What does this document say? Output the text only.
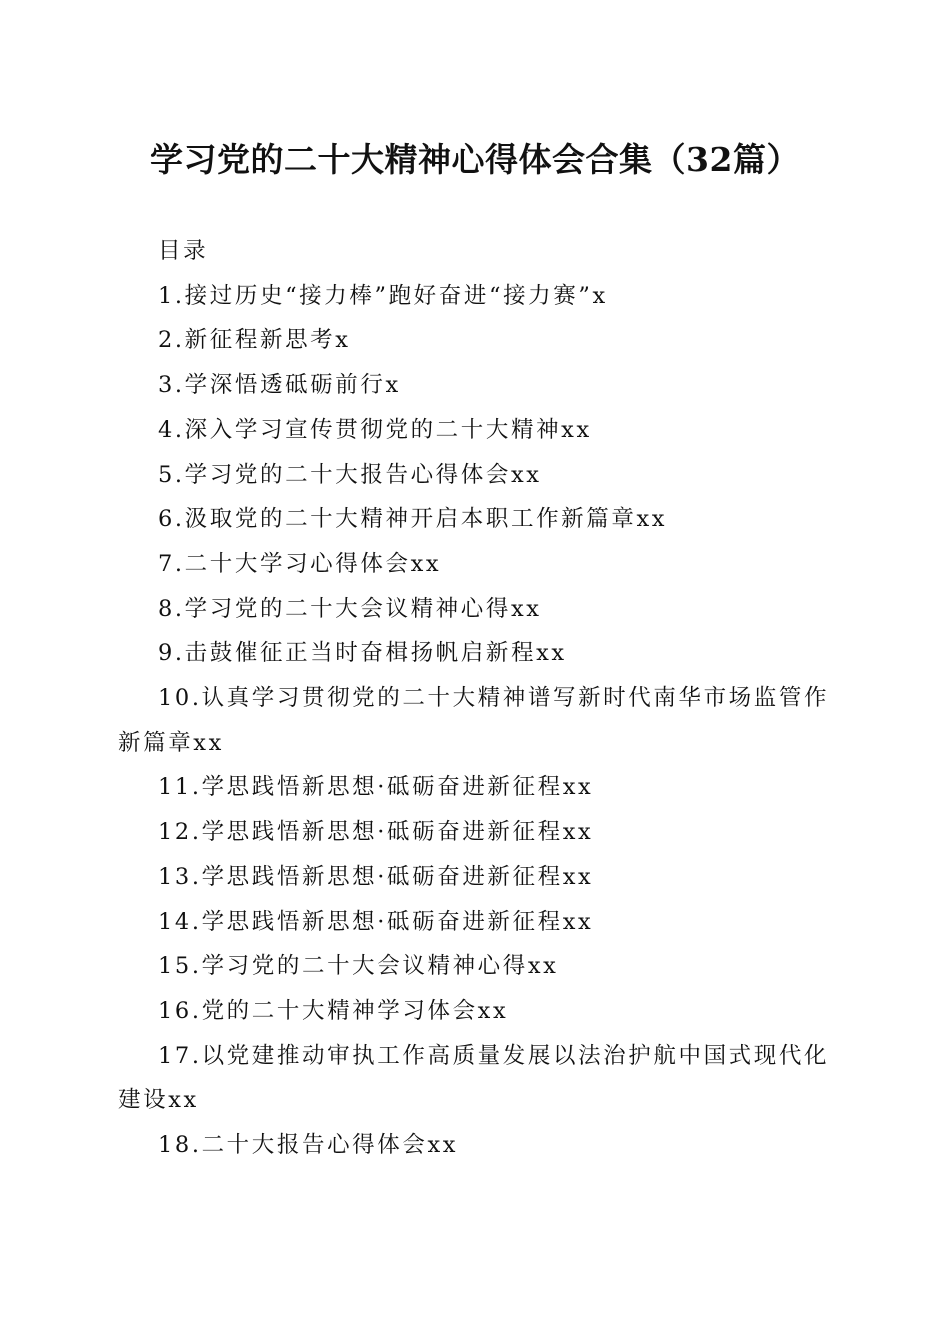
学习党的二十大精神心得体会合集（32篇）

目录

1.接过历史“接力棒”跑好奋进“接力赛”x

2.新征程新思考x

3.学深悟透砥砺前行x

4.深入学习宣传贯彻党的二十大精神xx

5.学习党的二十大报告心得体会xx

6.汲取党的二十大精神开启本职工作新篇章xx

7.二十大学习心得体会xx

8.学习党的二十大会议精神心得xx

9.击鼓催征正当时奋楫扬帆启新程xx

10.认真学习贯彻党的二十大精神谱写新时代南华市场监管作新篇章xx

11.学思践悟新思想·砥砺奋进新征程xx

12.学思践悟新思想·砥砺奋进新征程xx

13.学思践悟新思想·砥砺奋进新征程xx

14.学思践悟新思想·砥砺奋进新征程xx

15.学习党的二十大会议精神心得xx

16.党的二十大精神学习体会xx

17.以党建推动审执工作高质量发展以法治护航中国式现代化建设xx

18.二十大报告心得体会xx
